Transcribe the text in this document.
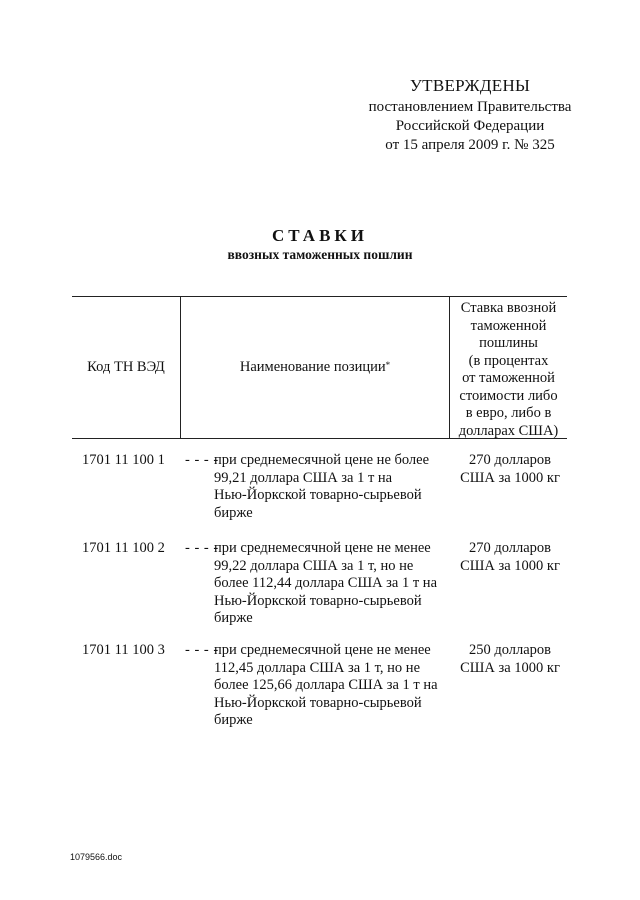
УТВЕРЖДЕНЫ
постановлением Правительства
Российской Федерации
от 15 апреля 2009 г. № 325
СТАВКИ
ввозных таможенных пошлин
Код ТН ВЭД	Наименование позиции*
Ставка ввозной
таможенной
пошлины
(в процентах
от таможенной
стоимости либо
в евро, либо в
долларах США)
1701 11 100 1 - - - -
при среднемесячной цене не более
99,21 доллара США за 1 т на
Нью-Йоркской товарно-сырьевой
бирже
270 долларов
США за 1000 кг
1701 11 100 2 - - - -
при среднемесячной цене не менее
99,22 доллара США за 1 т, но не
более 112,44 доллара США за 1 т на
Нью-Йоркской товарно-сырьевой
бирже
270 долларов
США за 1000 кг
1701 11 100 3 - - - -
при среднемесячной цене не менее
112,45 доллара США за 1 т, но не
более 125,66 доллара США за 1 т на
Нью-Йоркской товарно-сырьевой
бирже
250 долларов
США за 1000 кг
1079566.doc
